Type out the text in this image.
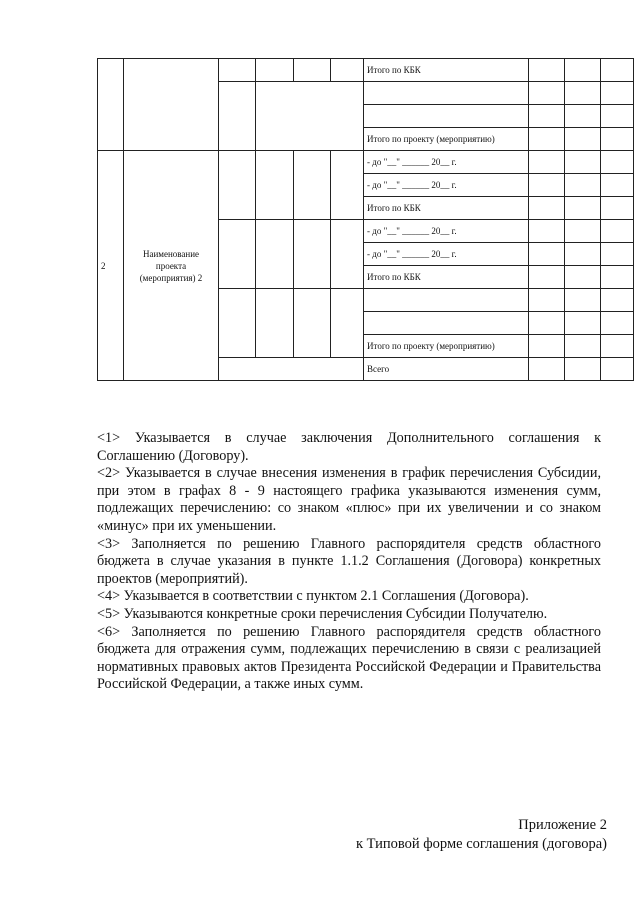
						Итого по КБК			

						Итого по проекту (мероприятию)			
2	Наименование проекта (мероприятия) 2					- до "__" ______ 20__ г.			
						- до "__" ______ 20__ г.			
						Итого по КБК			
						- до "__" ______ 20__ г.			
						- до "__" ______ 20__ г.			
						Итого по КБК			

						Итого по проекту (мероприятию)			
						Всего			

<1> Указывается в случае заключения Дополнительного соглашения к Соглашению (Договору).

<2> Указывается в случае внесения изменения в график перечисления Субсидии, при этом в графах 8 - 9 настоящего графика указываются изменения сумм, подлежащих перечислению: со знаком «плюс» при их увеличении и со знаком «минус» при их уменьшении.

<3> Заполняется по решению Главного распорядителя средств областного бюджета в случае указания в пункте 1.1.2 Соглашения (Договора) конкретных проектов (мероприятий).

<4> Указывается в соответствии с пунктом 2.1 Соглашения (Договора).

<5> Указываются конкретные сроки перечисления Субсидии Получателю.

<6> Заполняется по решению Главного распорядителя средств областного бюджета для отражения сумм, подлежащих перечислению в связи с реализацией нормативных правовых актов Президента Российской Федерации и Правительства Российской Федерации, а также иных сумм.

Приложение 2
к Типовой форме соглашения (договора)
